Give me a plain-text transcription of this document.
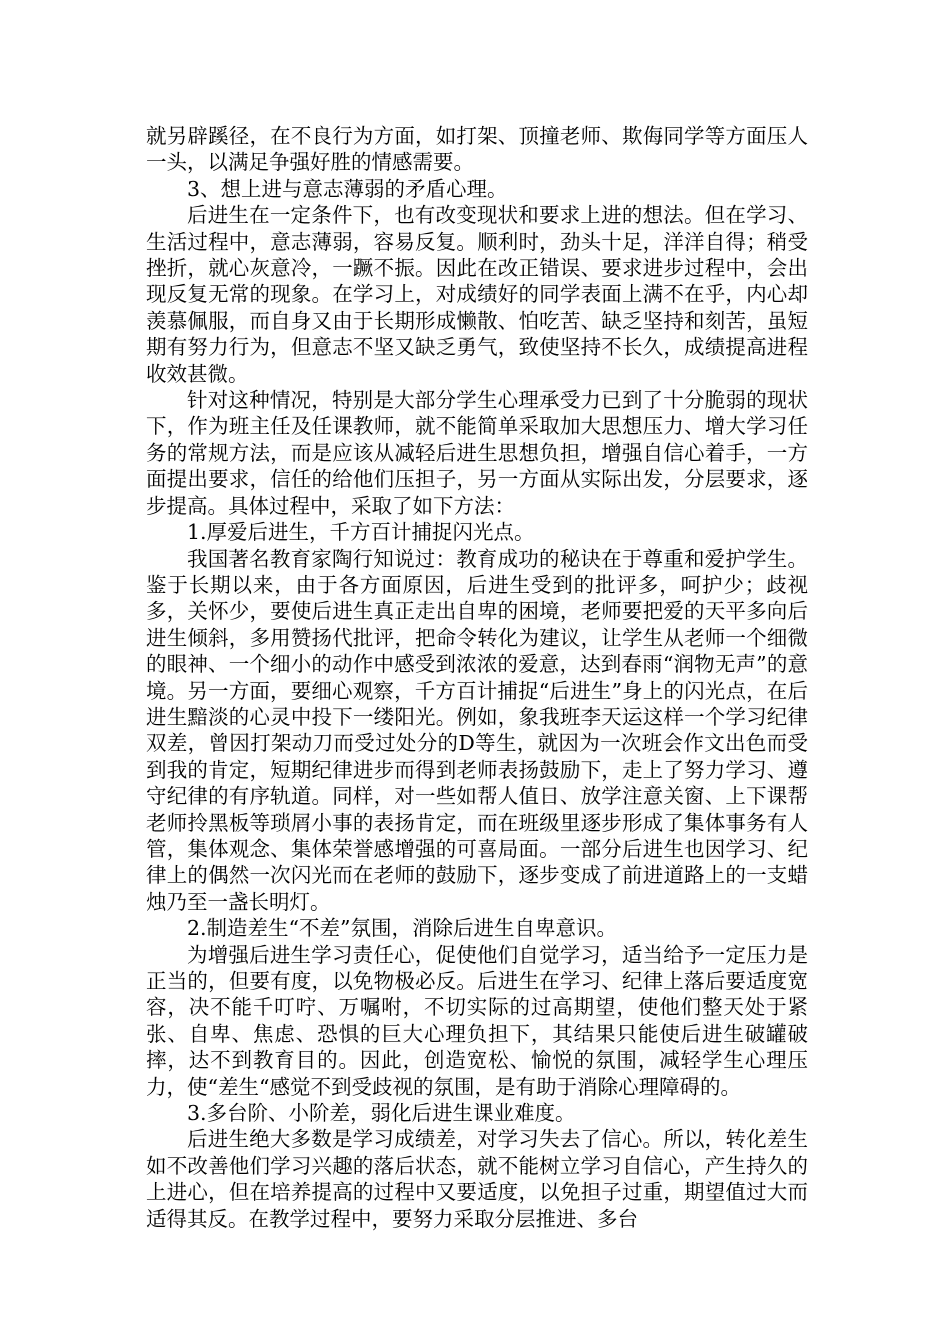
就另辟蹊径，在不良行为方面，如打架、顶撞老师、欺侮同学等方面压人一头，以满足争强好胜的情感需要。

3、想上进与意志薄弱的矛盾心理。

后进生在一定条件下，也有改变现状和要求上进的想法。但在学习、生活过程中，意志薄弱，容易反复。顺利时，劲头十足，洋洋自得；稍受挫折，就心灰意冷，一蹶不振。因此在改正错误、要求进步过程中，会出现反复无常的现象。在学习上，对成绩好的同学表面上满不在乎，内心却羡慕佩服，而自身又由于长期形成懒散、怕吃苦、缺乏坚持和刻苦，虽短期有努力行为，但意志不坚又缺乏勇气，致使坚持不长久，成绩提高进程收效甚微。

针对这种情况，特别是大部分学生心理承受力已到了十分脆弱的现状下，作为班主任及任课教师，就不能简单采取加大思想压力、增大学习任务的常规方法，而是应该从减轻后进生思想负担，增强自信心着手，一方面提出要求，信任的给他们压担子，另一方面从实际出发，分层要求，逐步提高。具体过程中，采取了如下方法：

1.厚爱后进生，千方百计捕捉闪光点。

我国著名教育家陶行知说过：教育成功的秘诀在于尊重和爱护学生。鉴于长期以来，由于各方面原因，后进生受到的批评多，呵护少；歧视多，关怀少，要使后进生真正走出自卑的困境，老师要把爱的天平多向后进生倾斜，多用赞扬代批评，把命令转化为建议，让学生从老师一个细微的眼神、一个细小的动作中感受到浓浓的爱意，达到春雨“润物无声”的意境。另一方面，要细心观察，千方百计捕捉“后进生”身上的闪光点，在后进生黯淡的心灵中投下一缕阳光。例如，象我班李天运这样一个学习纪律双差，曾因打架动刀而受过处分的D等生，就因为一次班会作文出色而受到我的肯定，短期纪律进步而得到老师表扬鼓励下，走上了努力学习、遵守纪律的有序轨道。同样，对一些如帮人值日、放学注意关窗、上下课帮老师拎黑板等琐屑小事的表扬肯定，而在班级里逐步形成了集体事务有人管，集体观念、集体荣誉感增强的可喜局面。一部分后进生也因学习、纪律上的偶然一次闪光而在老师的鼓励下，逐步变成了前进道路上的一支蜡烛乃至一盏长明灯。

2.制造差生“不差”氛围，消除后进生自卑意识。

为增强后进生学习责任心，促使他们自觉学习，适当给予一定压力是正当的，但要有度，以免物极必反。后进生在学习、纪律上落后要适度宽容，决不能千叮咛、万嘱咐，不切实际的过高期望，使他们整天处于紧张、自卑、焦虑、恐惧的巨大心理负担下，其结果只能使后进生破罐破摔，达不到教育目的。因此，创造宽松、愉悦的氛围，减轻学生心理压力，使“差生“感觉不到受歧视的氛围，是有助于消除心理障碍的。

3.多台阶、小阶差，弱化后进生课业难度。

后进生绝大多数是学习成绩差，对学习失去了信心。所以，转化差生如不改善他们学习兴趣的落后状态，就不能树立学习自信心，产生持久的上进心，但在培养提高的过程中又要适度，以免担子过重，期望值过大而适得其反。在教学过程中，要努力采取分层推进、多台
